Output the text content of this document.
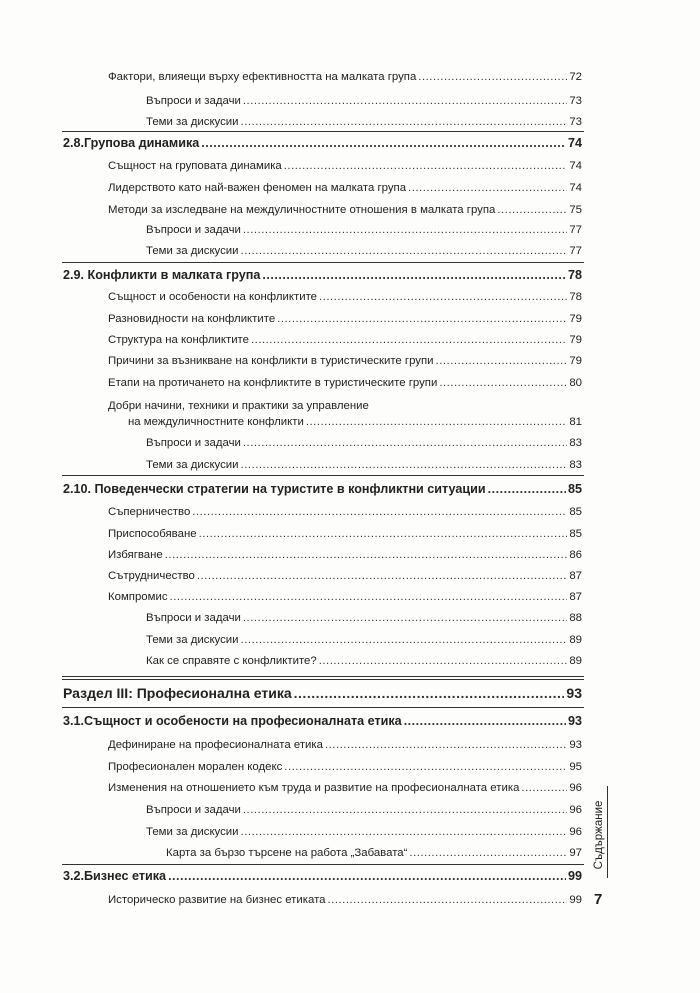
Фактори, влияещи върху ефективността на малката група .....	72
Въпроси и задачи .....	73
Теми за дискусии .....	73
2.8.Групова динамика .....	74
Същност на груповата динамика .....	74
Лидерството като най-важен феномен на малката група .....	74
Методи за изследване на междуличностните отношения в малката група .....	75
Въпроси и задачи .....	77
Теми за дискусии .....	77
2.9. Конфликти в малката група .....	78
Същност и особености на конфликтите .....	78
Разновидности на конфликтите .....	79
Структура на конфликтите .....	79
Причини за възникване на конфликти в туристическите групи .....	79
Етапи на протичането на конфликтите в туристическите групи .....	80
Добри начини, техники и практики за управление
на междуличностните конфликти .....	81
Въпроси и задачи .....	83
Теми за дискусии .....	83
2.10. Поведенчески стратегии на туристите в конфликтни ситуации .....	85
Съперничество .....	85
Приспособяване .....	85
Избягване .....	86
Сътрудничество .....	87
Компромис .....	87
Въпроси и задачи .....	88
Теми за дискусии .....	89
Как се справяте с конфликтите? .....	89
Раздел III: Професионална етика .....	93
3.1.Същност и особености на професионалната етика .....	93
Дефиниране на професионалната етика .....	93
Професионален морален кодекс .....	95
Изменения на отношението към труда и развитие на професионалната етика .....	96
Въпроси и задачи .....	96
Теми за дискусии .....	96
Карта за бързо търсене на работа „Забавата“ .....	97
3.2.Бизнес етика .....	99
Историческо развитие на бизнес етиката .....	99
Съдържание
7
